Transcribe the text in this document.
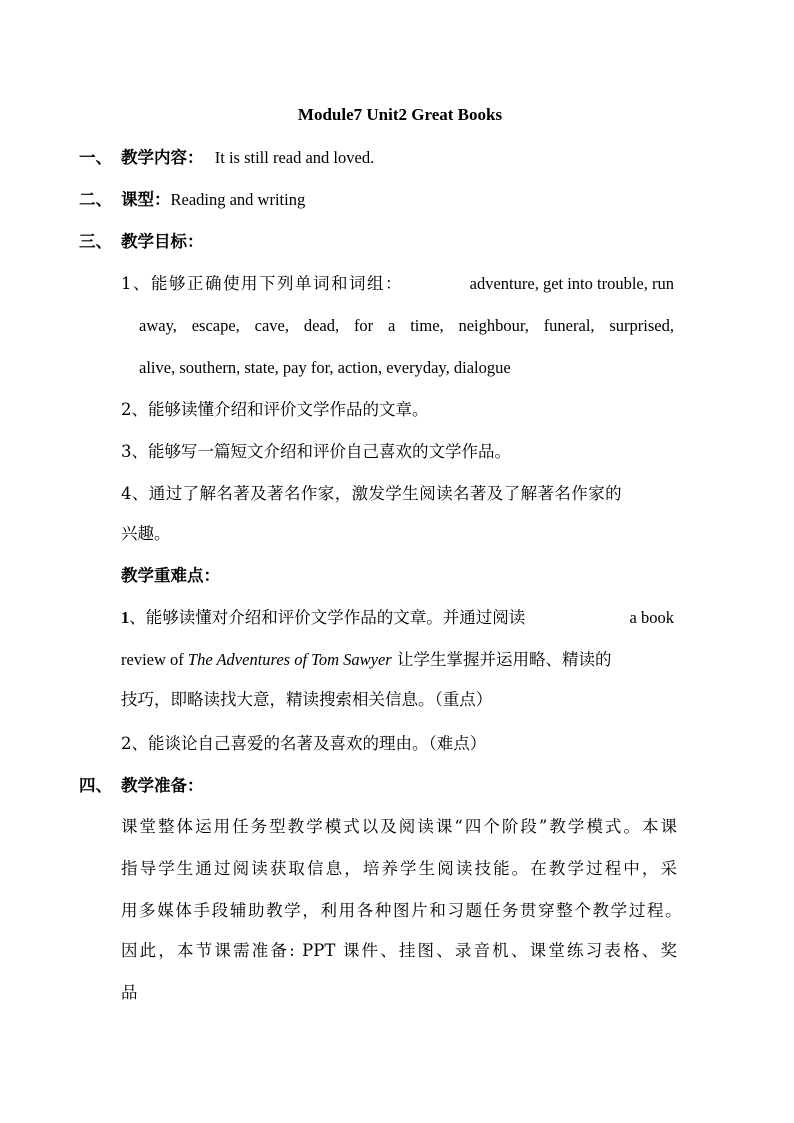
Module7 Unit2 Great Books
一、 教学内容： It is still read and loved.
二、 课型：Reading and writing
三、 教学目标：
1、能够正确使用下列单词和词组：	adventure, get into trouble, run
away, escape, cave, dead, for a time, neighbour, funeral, surprised,
alive, southern, state, pay for, action, everyday, dialogue
2、能够读懂介绍和评价文学作品的文章。
3、能够写一篇短文介绍和评价自己喜欢的文学作品。
4、通过了解名著及著名作家，激发学生阅读名著及了解著名作家的
兴趣。
教学重难点：
1、能够读懂对介绍和评价文学作品的文章。并通过阅读	a book
review of The Adventures of Tom Sawyer 让学生掌握并运用略、精读的
技巧，即略读找大意，精读搜索相关信息。（重点）
2、能谈论自己喜爱的名著及喜欢的理由。（难点）
四、 教学准备：
课堂整体运用任务型教学模式以及阅读课“四个阶段”教学模式。本课
指导学生通过阅读获取信息，培养学生阅读技能。在教学过程中，采
用多媒体手段辅助教学，利用各种图片和习题任务贯穿整个教学过程。
因此，本节课需准备: PPT 课件、挂图、录音机、课堂练习表格、奖
品
